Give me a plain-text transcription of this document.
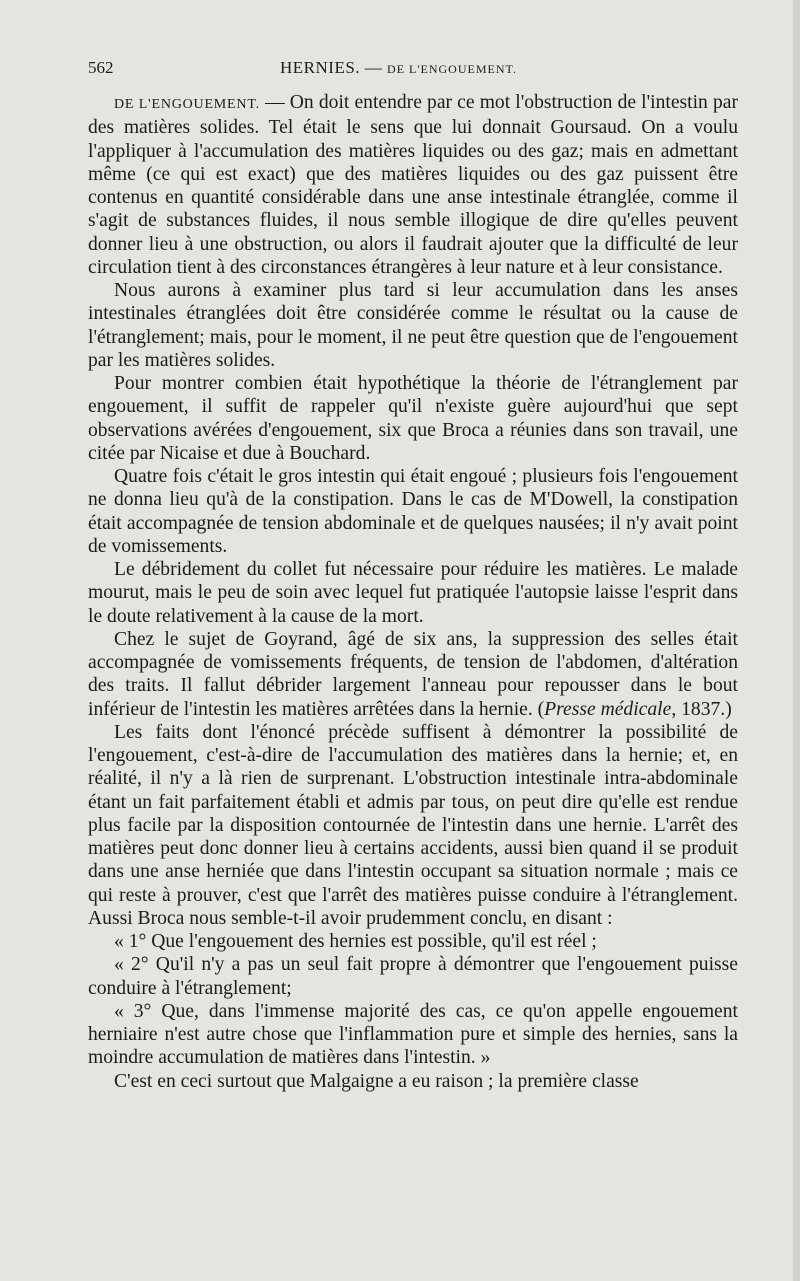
562	HERNIES. — DE L'ENGOUEMENT.

DE L'ENGOUEMENT. — On doit entendre par ce mot l'obstruction de l'intestin par des matières solides. Tel était le sens que lui donnait Goursaud. On a voulu l'appliquer à l'accumulation des matières liquides ou des gaz; mais en admettant même (ce qui est exact) que des matières liquides ou des gaz puissent être contenus en quantité considérable dans une anse intestinale étranglée, comme il s'agit de substances fluides, il nous semble illogique de dire qu'elles peuvent donner lieu à une obstruction, ou alors il faudrait ajouter que la difficulté de leur circulation tient à des circonstances étrangères à leur nature et à leur consistance.

Nous aurons à examiner plus tard si leur accumulation dans les anses intestinales étranglées doit être considérée comme le résultat ou la cause de l'étranglement; mais, pour le moment, il ne peut être question que de l'engouement par les matières solides.

Pour montrer combien était hypothétique la théorie de l'étranglement par engouement, il suffit de rappeler qu'il n'existe guère aujourd'hui que sept observations avérées d'engouement, six que Broca a réunies dans son travail, une citée par Nicaise et due à Bouchard.

Quatre fois c'était le gros intestin qui était engoué ; plusieurs fois l'engouement ne donna lieu qu'à de la constipation. Dans le cas de M'Dowell, la constipation était accompagnée de tension abdominale et de quelques nausées; il n'y avait point de vomissements.

Le débridement du collet fut nécessaire pour réduire les matières. Le malade mourut, mais le peu de soin avec lequel fut pratiquée l'autopsie laisse l'esprit dans le doute relativement à la cause de la mort.

Chez le sujet de Goyrand, âgé de six ans, la suppression des selles était accompagnée de vomissements fréquents, de tension de l'abdomen, d'altération des traits. Il fallut débrider largement l'anneau pour repousser dans le bout inférieur de l'intestin les matières arrêtées dans la hernie. (Presse médicale, 1837.)

Les faits dont l'énoncé précède suffisent à démontrer la possibilité de l'engouement, c'est-à-dire de l'accumulation des matières dans la hernie; et, en réalité, il n'y a là rien de surprenant. L'obstruction intestinale intra-abdominale étant un fait parfaitement établi et admis par tous, on peut dire qu'elle est rendue plus facile par la disposition contournée de l'intestin dans une hernie. L'arrêt des matières peut donc donner lieu à certains accidents, aussi bien quand il se produit dans une anse herniée que dans l'intestin occupant sa situation normale ; mais ce qui reste à prouver, c'est que l'arrêt des matières puisse conduire à l'étranglement. Aussi Broca nous semble-t-il avoir prudemment conclu, en disant :

« 1° Que l'engouement des hernies est possible, qu'il est réel ;

« 2° Qu'il n'y a pas un seul fait propre à démontrer que l'engouement puisse conduire à l'étranglement;

« 3° Que, dans l'immense majorité des cas, ce qu'on appelle engouement herniaire n'est autre chose que l'inflammation pure et simple des hernies, sans la moindre accumulation de matières dans l'intestin. »

C'est en ceci surtout que Malgaigne a eu raison ; la première classe
